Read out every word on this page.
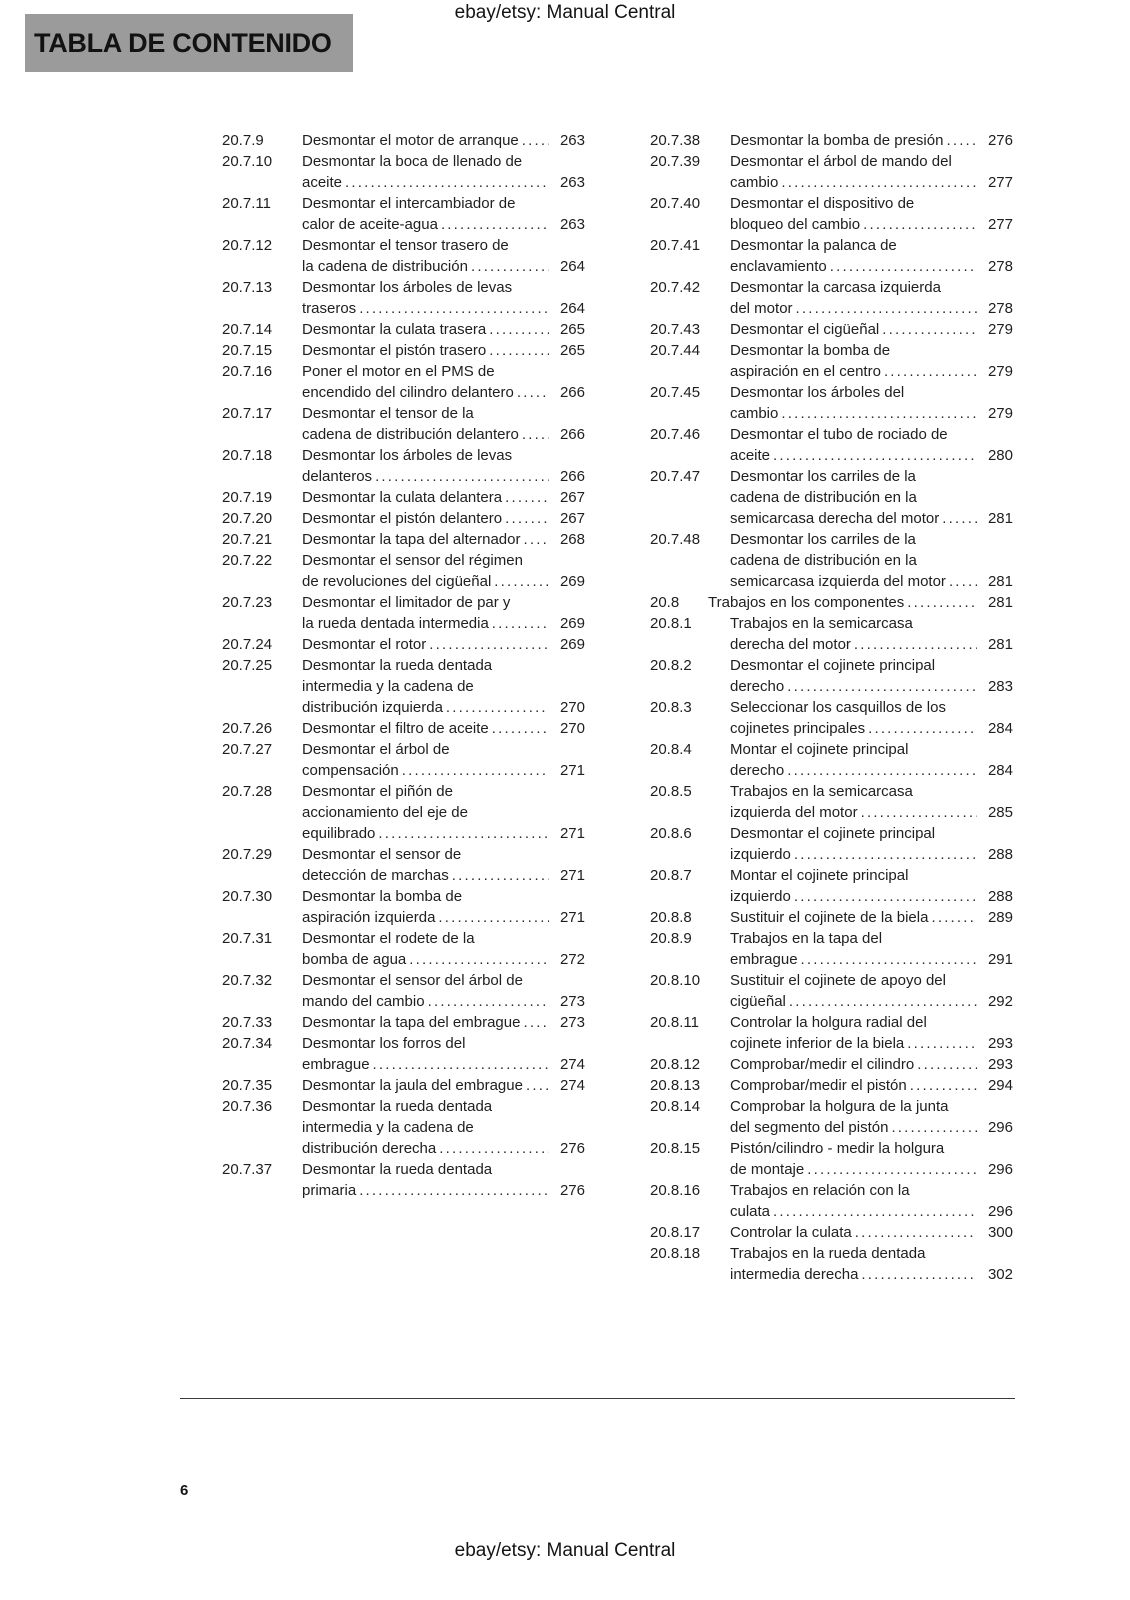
ebay/etsy: Manual Central
TABLA DE CONTENIDO
20.7.9	Desmontar el motor de arranque .....	263
20.7.10	Desmontar la boca de llenado de aceite .....	263
20.7.11	Desmontar el intercambiador de calor de aceite-agua .....	263
20.7.12	Desmontar el tensor trasero de la cadena de distribución .....	264
20.7.13	Desmontar los árboles de levas traseros .....	264
20.7.14	Desmontar la culata trasera .....	265
20.7.15	Desmontar el pistón trasero .....	265
20.7.16	Poner el motor en el PMS de encendido del cilindro delantero .....	266
20.7.17	Desmontar el tensor de la cadena de distribución delantero .....	266
20.7.18	Desmontar los árboles de levas delanteros .....	266
20.7.19	Desmontar la culata delantera .....	267
20.7.20	Desmontar el pistón delantero .....	267
20.7.21	Desmontar la tapa del alternador .....	268
20.7.22	Desmontar el sensor del régimen de revoluciones del cigüeñal .....	269
20.7.23	Desmontar el limitador de par y la rueda dentada intermedia .....	269
20.7.24	Desmontar el rotor .....	269
20.7.25	Desmontar la rueda dentada intermedia y la cadena de distribución izquierda .....	270
20.7.26	Desmontar el filtro de aceite .....	270
20.7.27	Desmontar el árbol de compensación .....	271
20.7.28	Desmontar el piñón de accionamiento del eje de equilibrado .....	271
20.7.29	Desmontar el sensor de detección de marchas .....	271
20.7.30	Desmontar la bomba de aspiración izquierda .....	271
20.7.31	Desmontar el rodete de la bomba de agua .....	272
20.7.32	Desmontar el sensor del árbol de mando del cambio .....	273
20.7.33	Desmontar la tapa del embrague .....	273
20.7.34	Desmontar los forros del embrague .....	274
20.7.35	Desmontar la jaula del embrague .....	274
20.7.36	Desmontar la rueda dentada intermedia y la cadena de distribución derecha .....	276
20.7.37	Desmontar la rueda dentada primaria .....	276
20.7.38	Desmontar la bomba de presión .....	276
20.7.39	Desmontar el árbol de mando del cambio .....	277
20.7.40	Desmontar el dispositivo de bloqueo del cambio .....	277
20.7.41	Desmontar la palanca de enclavamiento .....	278
20.7.42	Desmontar la carcasa izquierda del motor .....	278
20.7.43	Desmontar el cigüeñal .....	279
20.7.44	Desmontar la bomba de aspiración en el centro .....	279
20.7.45	Desmontar los árboles del cambio .....	279
20.7.46	Desmontar el tubo de rociado de aceite .....	280
20.7.47	Desmontar los carriles de la cadena de distribución en la semicarcasa derecha del motor .....	281
20.7.48	Desmontar los carriles de la cadena de distribución en la semicarcasa izquierda del motor .....	281
20.8	Trabajos en los componentes .....	281
20.8.1	Trabajos en la semicarcasa derecha del motor .....	281
20.8.2	Desmontar el cojinete principal derecho .....	283
20.8.3	Seleccionar los casquillos de los cojinetes principales .....	284
20.8.4	Montar el cojinete principal derecho .....	284
20.8.5	Trabajos en la semicarcasa izquierda del motor .....	285
20.8.6	Desmontar el cojinete principal izquierdo .....	288
20.8.7	Montar el cojinete principal izquierdo .....	288
20.8.8	Sustituir el cojinete de la biela .....	289
20.8.9	Trabajos en la tapa del embrague .....	291
20.8.10	Sustituir el cojinete de apoyo del cigüeñal .....	292
20.8.11	Controlar la holgura radial del cojinete inferior de la biela .....	293
20.8.12	Comprobar/medir el cilindro .....	293
20.8.13	Comprobar/medir el pistón .....	294
20.8.14	Comprobar la holgura de la junta del segmento del pistón .....	296
20.8.15	Pistón/cilindro - medir la holgura de montaje .....	296
20.8.16	Trabajos en relación con la culata .....	296
20.8.17	Controlar la culata .....	300
20.8.18	Trabajos en la rueda dentada intermedia derecha .....	302
6
ebay/etsy: Manual Central
